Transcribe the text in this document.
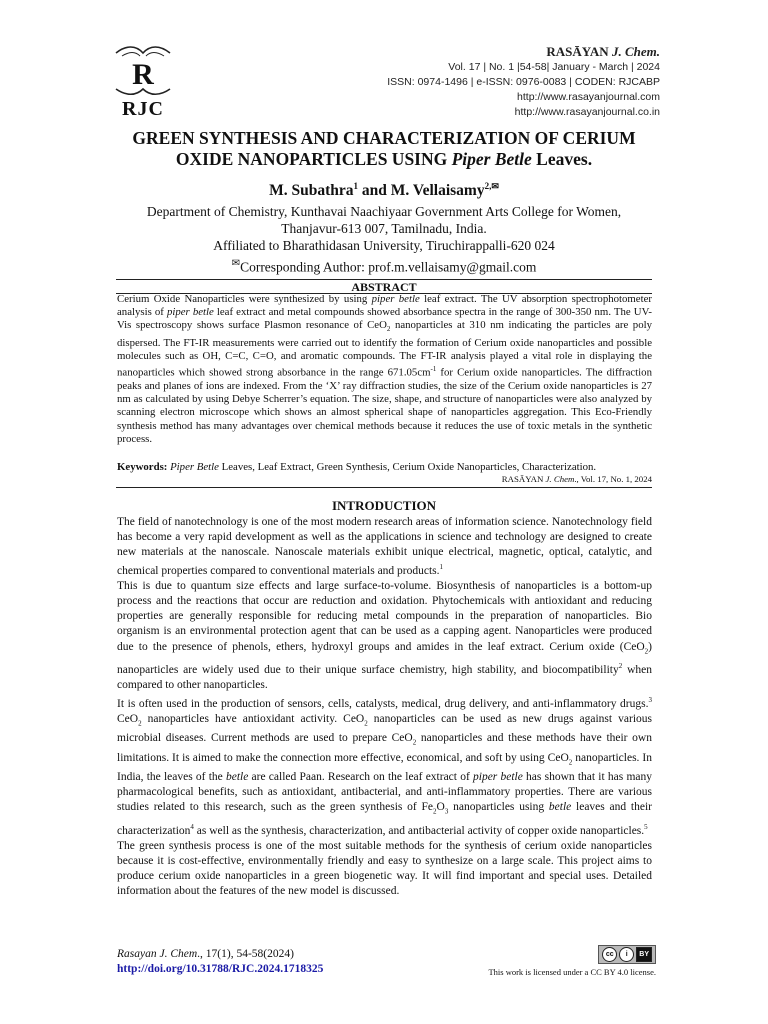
R
RJC
RASĀYAN J. Chem.
Vol. 17 | No. 1 |54-58| January - March | 2024
ISSN: 0974-1496 | e-ISSN: 0976-0083 | CODEN: RJCABP
http://www.rasayanjournal.com
http://www.rasayanjournal.co.in
GREEN SYNTHESIS AND CHARACTERIZATION OF CERIUM
OXIDE NANOPARTICLES USING Piper Betle Leaves.
M. Subathra$^1$ and M. Vellaisamy$^{2,✉}$
Department of Chemistry, Kunthavai Naachiyaar Government Arts College for Women,
Thanjavur-613 007, Tamilnadu, India.
Affiliated to Bharathidasan University, Tiruchirappalli-620 024
✉Corresponding Author: prof.m.vellaisamy@gmail.com
ABSTRACT
Cerium Oxide Nanoparticles were synthesized by using piper betle leaf extract. The UV absorption spectrophotometer analysis of piper betle leaf extract and metal compounds showed absorbance spectra in the range of 300-350 nm. The UV-Vis spectroscopy shows surface Plasmon resonance of CeO$_2$ nanoparticles at 310 nm indicating the particles are poly dispersed. The FT-IR measurements were carried out to identify the formation of Cerium oxide nanoparticles and possible molecules such as OH, C=C, C=O, and aromatic compounds. The FT-IR analysis played a vital role in displaying the nanoparticles which showed strong absorbance in the range $671.05cm^{-1}$ for Cerium oxide nanoparticles. The diffraction peaks and planes of ions are indexed. From the ‘X’ ray diffraction studies, the size of the Cerium oxide nanoparticles is 27 nm as calculated by using Debye Scherrer’s equation. The size, shape, and structure of nanoparticles were also analyzed by scanning electron microscope which shows an almost spherical shape of nanoparticles aggregation. This Eco-Friendly synthesis method has many advantages over chemical methods because it reduces the use of toxic metals in the synthetic process.
Keywords: Piper Betle Leaves, Leaf Extract, Green Synthesis, Cerium Oxide Nanoparticles, Characterization.
RASĀYAN J. Chem., Vol. 17, No. 1, 2024
INTRODUCTION

The field of nanotechnology is one of the most modern research areas of information science. Nanotechnology field has become a very rapid development as well as the applications in science and technology are designed to create new materials at the nanoscale. Nanoscale materials exhibit unique electrical, magnetic, optical, catalytic, and chemical properties compared to conventional materials and products.$^1$

This is due to quantum size effects and large surface-to-volume. Biosynthesis of nanoparticles is a bottom-up process and the reactions that occur are reduction and oxidation. Phytochemicals with antioxidant and reducing properties are generally responsible for reducing metal compounds in the preparation of nanoparticles. Bio organism is an environmental protection agent that can be used as a capping agent. Nanoparticles were produced due to the presence of phenols, ethers, hydroxyl groups and amides in the leaf extract. Cerium oxide (CeO$_2$) nanoparticles are widely used due to their unique surface chemistry, high stability, and biocompatibility$^2$ when compared to other nanoparticles.

It is often used in the production of sensors, cells, catalysts, medical, drug delivery, and anti-inflammatory drugs.$^3$ CeO$_2$ nanoparticles have antioxidant activity. CeO$_2$ nanoparticles can be used as new drugs against various microbial diseases. Current methods are used to prepare CeO$_2$ nanoparticles and these methods have their own limitations. It is aimed to make the connection more effective, economical, and soft by using CeO$_2$ nanoparticles. In India, the leaves of the betle are called Paan. Research on the leaf extract of piper betle has shown that it has many pharmacological benefits, such as antioxidant, antibacterial, and anti-inflammatory properties. There are various studies related to this research, such as the green synthesis of $Fe_2O_3$ nanoparticles using betle leaves and their characterization$^4$ as well as the synthesis, characterization, and antibacterial activity of copper oxide nanoparticles.$^5$

The green synthesis process is one of the most suitable methods for the synthesis of cerium oxide nanoparticles because it is cost-effective, environmentally friendly and easy to synthesize on a large scale. This project aims to produce cerium oxide nanoparticles in a green biogenetic way. It will find important and special uses. Detailed information about the features of the new model is discussed.

Rasayan J. Chem., 17(1), 54-58(2024)
http://doi.org/10.31788/RJC.2024.1718325
cc	i	BY
This work is licensed under a CC BY 4.0 license.
